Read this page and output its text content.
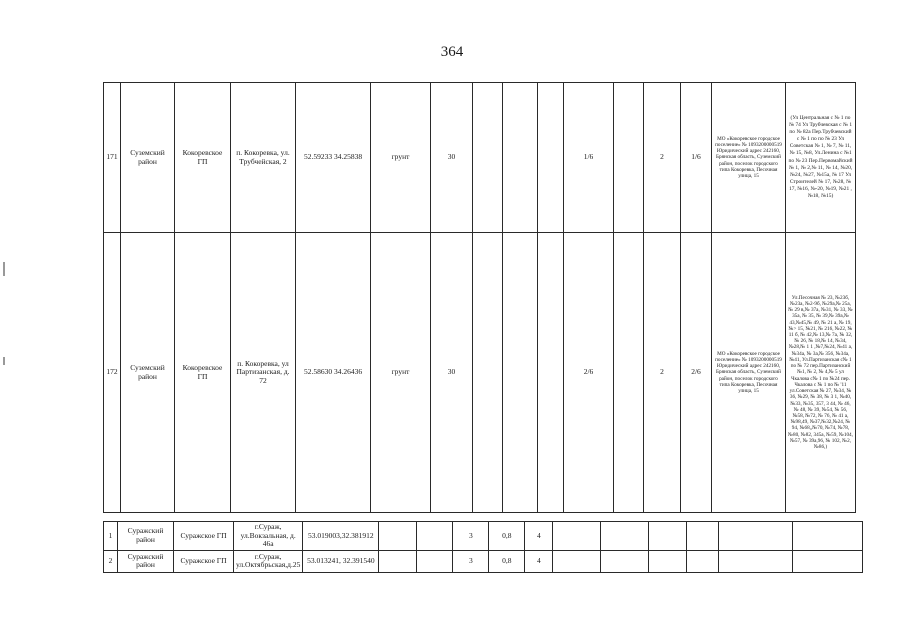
364
171	Суземский район	Кокоревское ГП	п. Кокоревка, ул. Трубчейская, 2	52.59233 34.25838	грунт	30				1/6		2	1/6	МО «Кокоревское городское поселение» № 1093200000519 Юридический адрес 242160, Брянская область, Суземский район, поселок городского типа Кокоревка, Песочная улица, 15	(Ул Центральная с № 1 по № 74 Ул Трубчевская с № 1 по № 82а Пер.Трубчевский с № 1 по по № 23 Ул Советская № 1, № 7, № 11, № 15, №8, Ул.Ленина с №1 по № 23 Пер.Первомайский № 1, № 2,№ 11, № 14, №20, №24, №27, №15а, № 17 Ул Строителей № 17, №28, № 17, №16, №-20, №19, №21 ,№18, №15)
172	Суземский район	Кокоревское ГП	п. Кокоревка, ул Партизанская, д. 72	52.58630 34.26436	грунт	30				2/6		2	2/6	МО «Кокоревское городское поселение» № 1093200000519 Юридический адрес 242160, Брянская область, Суземский район, поселок городского типа Кокоревка, Песочная улица, 15	Ул.Песочная № 23, №23б, №23а, №2-9б, №29а,№ 25а,№ 29 в,№ 37а, №31, № 33, № 35а, № 35, № 39,№ 39а,№ 43,№45,№ 49, № 21 а, № 19, №> 15, №21, № 216, №22, № 11 б, № 42,№ 13,№ 7а, № 32, № 26, № 18,№ 14, №34, №28,№ 1 1 ,№7,№24, №41 а, №34а, № 3а,№ 356, №34а, №41, Ул.Партизанская с№ 1 по № 72 пер.Партизанский №1, № 2, № 4,№ 5 ул Чкалова с№ 1 по №24 пер. Чкалова с № 1 по № '11 ул.Советская № 27, №34, № 36, №29, № 38, № 3 1, №40, №33, №35, 357, 3 44, № 46, № 48, № 39, №54, № 56, №58, №72, № 76, № 41 а, №98,49, №37,№32,№24, № 94, №68,,№70, №74, №78, №80, №82, 345а, №59, №104, №57, № 39а,96, № 102, №2, №86,)
1	Суражский район	Суражское ГП	г.Сураж, ул.Вокзальная, д. 46а	53.019003,32.381912			3	0,8	4						
2	Суражский район	Суражское ГП	г.Сураж, ул.Октябрьская,д.25	53.013241, 32.391540			3	0,8	4						
